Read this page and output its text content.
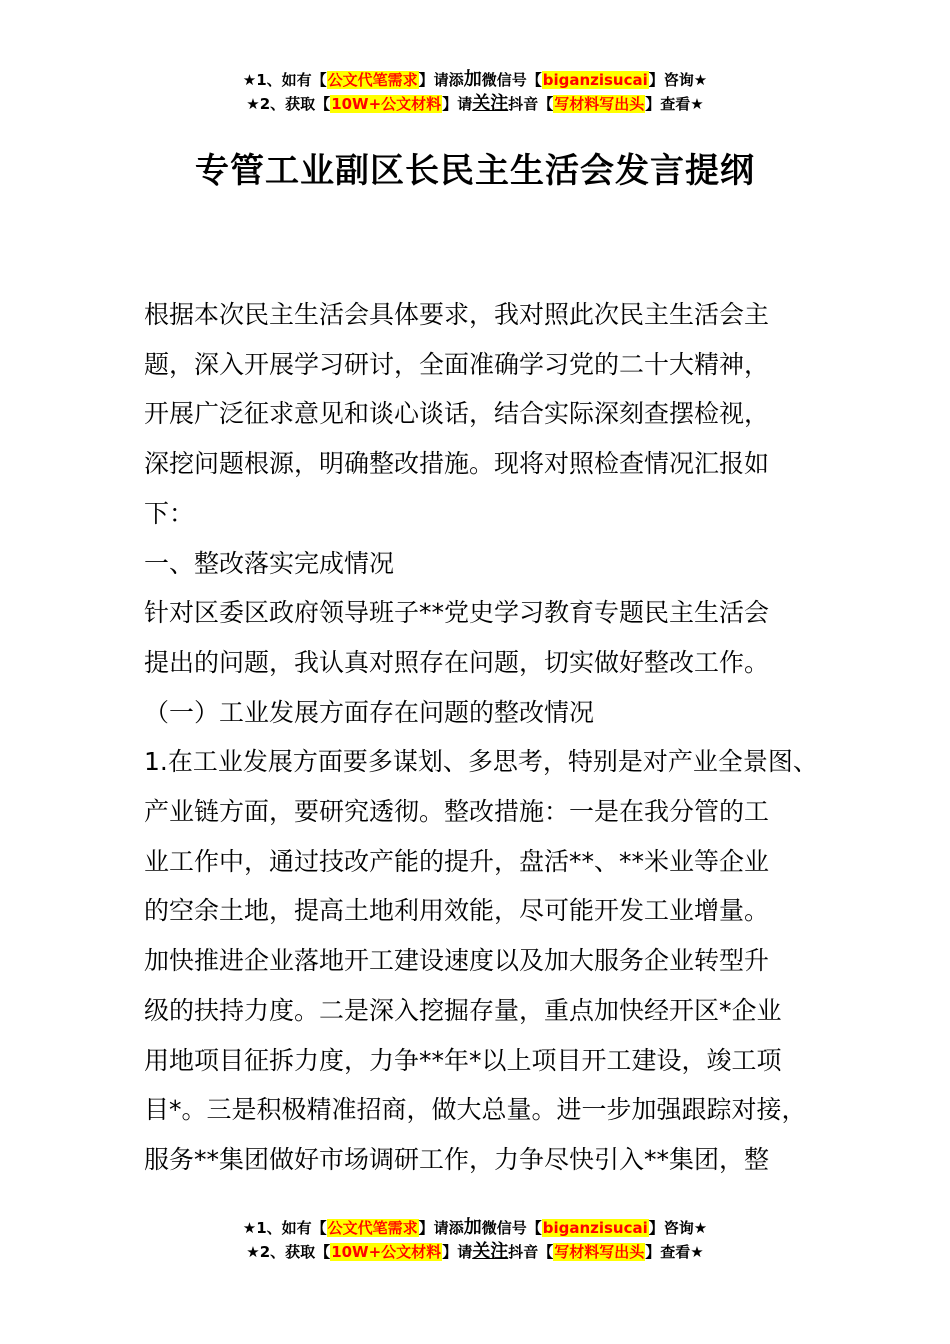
★1、如有【公文代笔需求】请添加微信号【biganzisucai】咨询★
★2、获取【10W+公文材料】请关注抖音【写材料写出头】查看★
专管工业副区长民主生活会发言提纲

根据本次民主生活会具体要求，我对照此次民主生活会主

题，深入开展学习研讨，全面准确学习党的二十大精神，

开展广泛征求意见和谈心谈话，结合实际深刻查摆检视，

深挖问题根源，明确整改措施。现将对照检查情况汇报如

下：

一、整改落实完成情况

针对区委区政府领导班子**党史学习教育专题民主生活会

提出的问题，我认真对照存在问题，切实做好整改工作。

（一）工业发展方面存在问题的整改情况

1.在工业发展方面要多谋划、多思考，特别是对产业全景图、

产业链方面，要研究透彻。整改措施：一是在我分管的工

业工作中，通过技改产能的提升，盘活**、**米业等企业

的空余土地，提高土地利用效能，尽可能开发工业增量。

加快推进企业落地开工建设速度以及加大服务企业转型升

级的扶持力度。二是深入挖掘存量，重点加快经开区*企业

用地项目征拆力度，力争**年*以上项目开工建设，竣工项

目*。三是积极精准招商，做大总量。进一步加强跟踪对接，

服务**集团做好市场调研工作，力争尽快引入**集团，整

★1、如有【公文代笔需求】请添加微信号【biganzisucai】咨询★
★2、获取【10W+公文材料】请关注抖音【写材料写出头】查看★
